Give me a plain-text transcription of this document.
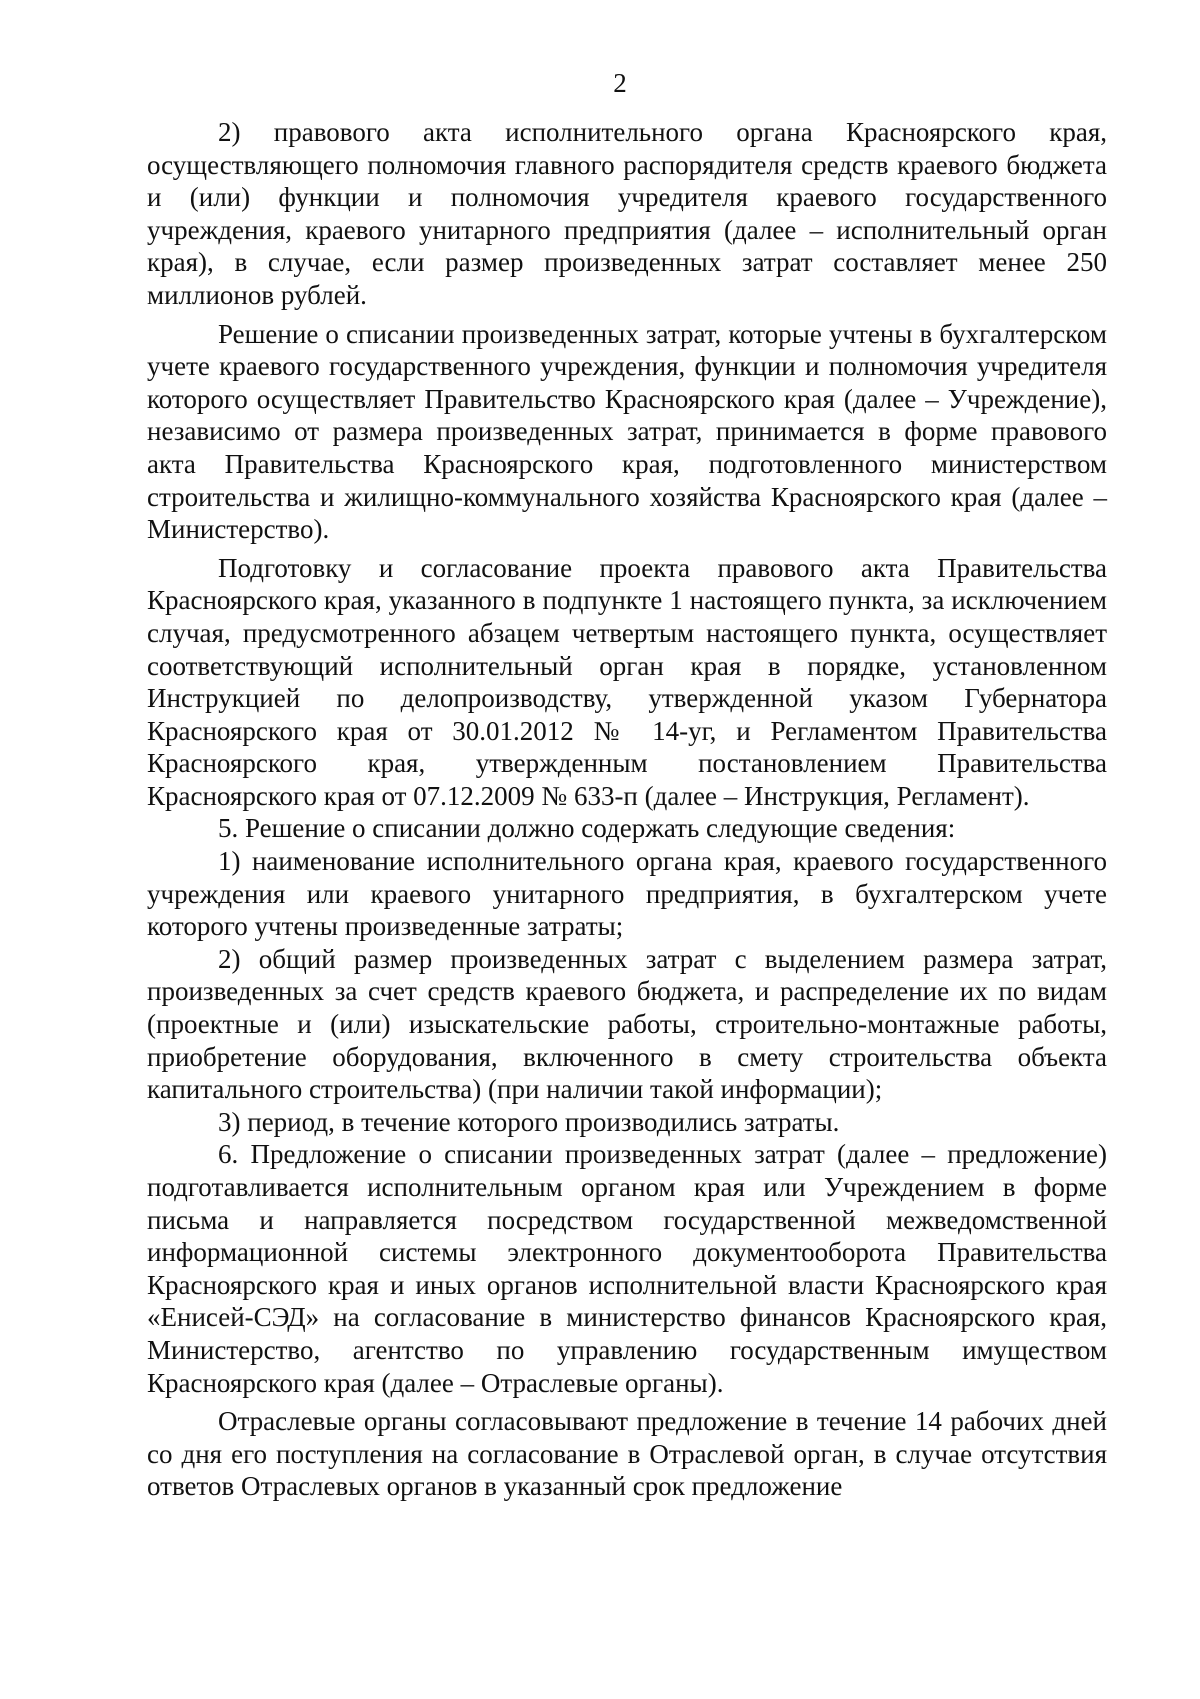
2

2) правового акта исполнительного органа Красноярского края, осуществляющего полномочия главного распорядителя средств краевого бюджета и (или) функции и полномочия учредителя краевого государственного учреждения, краевого унитарного предприятия (далее – исполнительный орган края), в случае, если размер произведенных затрат составляет менее 250 миллионов рублей.

Решение о списании произведенных затрат, которые учтены в бухгалтерском учете краевого государственного учреждения, функции и полномочия учредителя которого осуществляет Правительство Красноярского края (далее – Учреждение), независимо от размера произведенных затрат, принимается в форме правового акта Правительства Красноярского края, подготовленного министерством строительства и жилищно-коммунального хозяйства Красноярского края (далее – Министерство).

Подготовку и согласование проекта правового акта Правительства Красноярского края, указанного в подпункте 1 настоящего пункта, за исключением случая, предусмотренного абзацем четвертым настоящего пункта, осуществляет соответствующий исполнительный орган края в порядке, установленном Инструкцией по делопроизводству, утвержденной указом Губернатора Красноярского края от 30.01.2012 № 14-уг, и Регламентом Правительства Красноярского края, утвержденным постановлением Правительства Красноярского края от 07.12.2009 № 633-п (далее – Инструкция, Регламент).

5. Решение о списании должно содержать следующие сведения:

1) наименование исполнительного органа края, краевого государственного учреждения или краевого унитарного предприятия, в бухгалтерском учете которого учтены произведенные затраты;

2) общий размер произведенных затрат с выделением размера затрат, произведенных за счет средств краевого бюджета, и распределение их по видам (проектные и (или) изыскательские работы, строительно-монтажные работы, приобретение оборудования, включенного в смету строительства объекта капитального строительства) (при наличии такой информации);

3) период, в течение которого производились затраты.

6. Предложение о списании произведенных затрат (далее – предложение) подготавливается исполнительным органом края или Учреждением в форме письма и направляется посредством государственной межведомственной информационной системы электронного документооборота Правительства Красноярского края и иных органов исполнительной власти Красноярского края «Енисей-СЭД» на согласование в министерство финансов Красноярского края, Министерство, агентство по управлению государственным имуществом Красноярского края (далее – Отраслевые органы).

Отраслевые органы согласовывают предложение в течение 14 рабочих дней со дня его поступления на согласование в Отраслевой орган, в случае отсутствия ответов Отраслевых органов в указанный срок предложение
